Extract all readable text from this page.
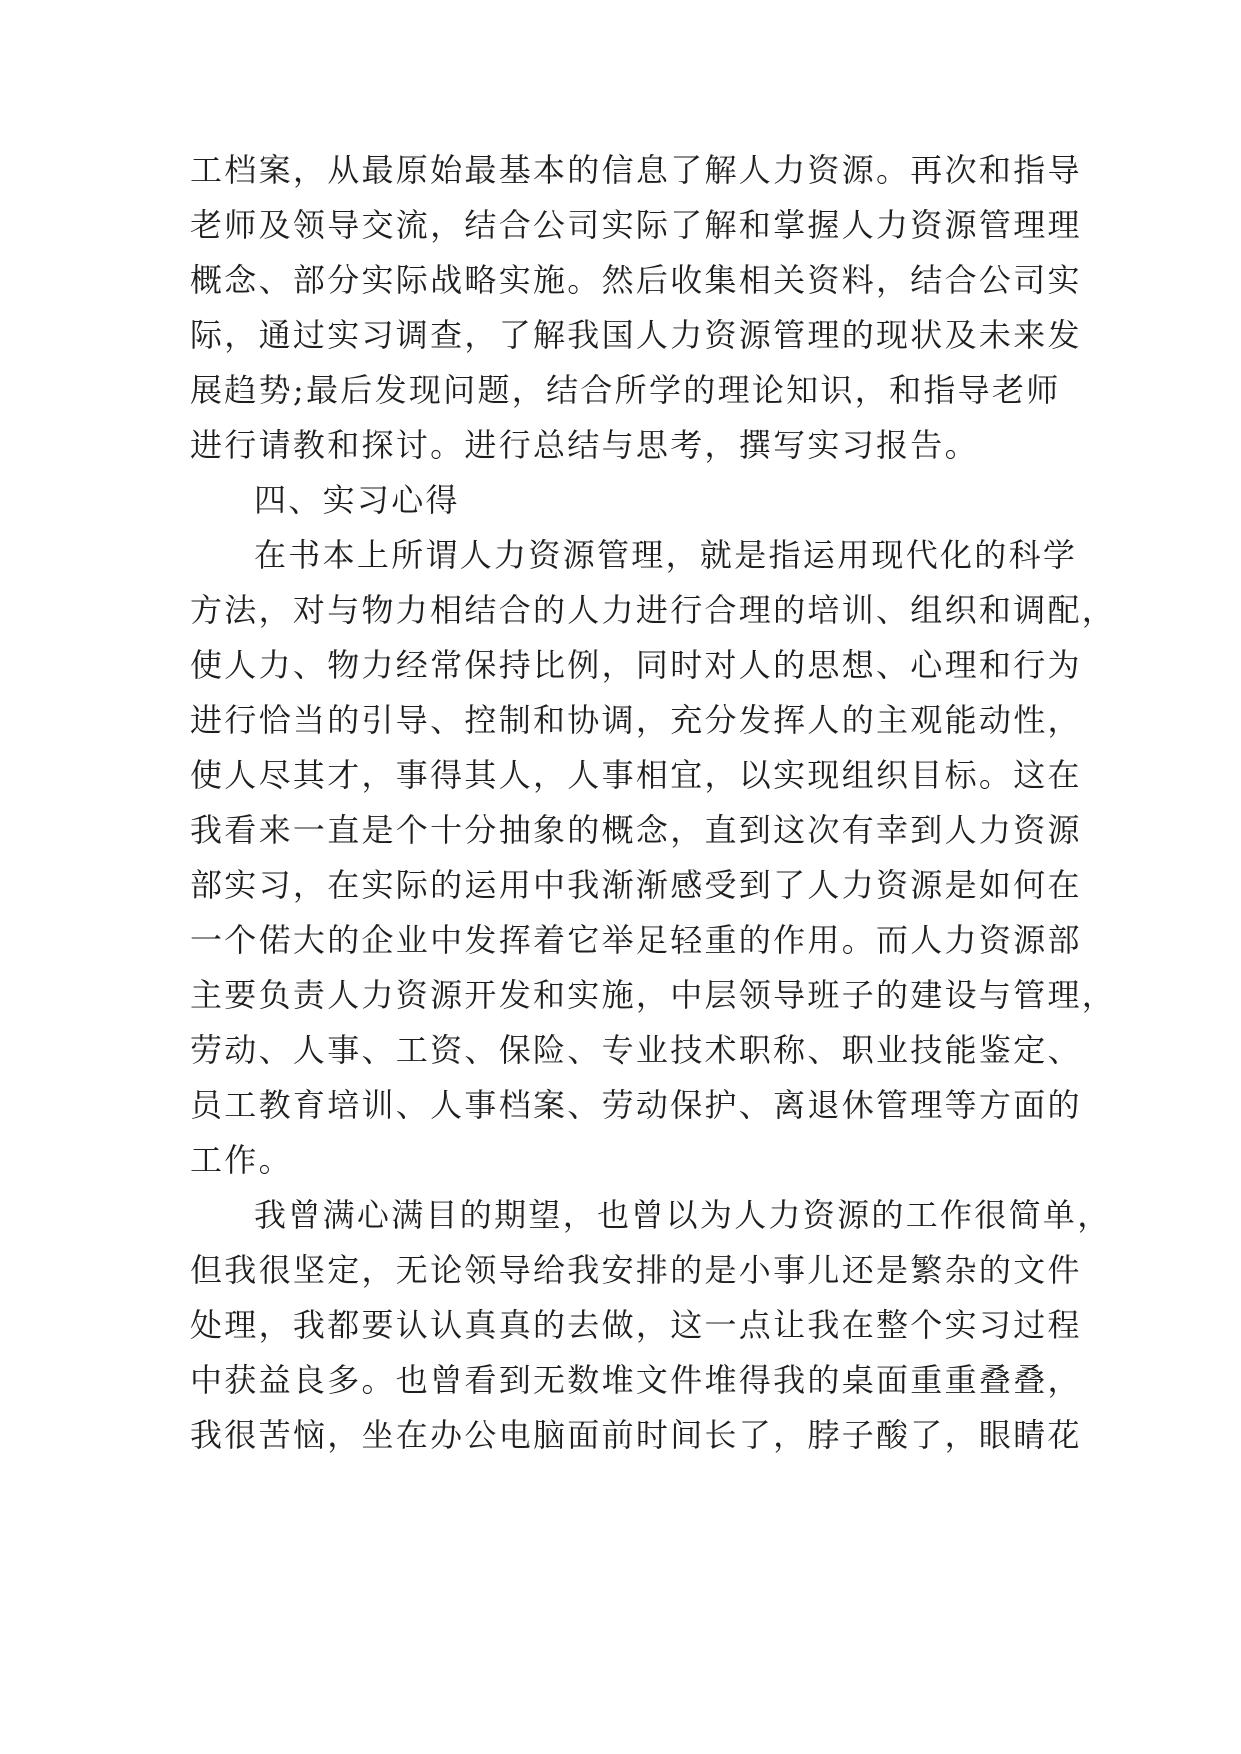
工档案，从最原始最基本的信息了解人力资源。再次和指导

老师及领导交流，结合公司实际了解和掌握人力资源管理理

概念、部分实际战略实施。然后收集相关资料，结合公司实

际，通过实习调查，了解我国人力资源管理的现状及未来发

展趋势;最后发现问题，结合所学的理论知识，和指导老师

进行请教和探讨。进行总结与思考，撰写实习报告。

四、实习心得

在书本上所谓人力资源管理，就是指运用现代化的科学

方法，对与物力相结合的人力进行合理的培训、组织和调配，

使人力、物力经常保持比例，同时对人的思想、心理和行为

进行恰当的引导、控制和协调，充分发挥人的主观能动性，

使人尽其才，事得其人，人事相宜，以实现组织目标。这在

我看来一直是个十分抽象的概念，直到这次有幸到人力资源

部实习，在实际的运用中我渐渐感受到了人力资源是如何在

一个偌大的企业中发挥着它举足轻重的作用。而人力资源部

主要负责人力资源开发和实施，中层领导班子的建设与管理，

劳动、人事、工资、保险、专业技术职称、职业技能鉴定、

员工教育培训、人事档案、劳动保护、离退休管理等方面的

工作。

我曾满心满目的期望，也曾以为人力资源的工作很简单，

但我很坚定，无论领导给我安排的是小事儿还是繁杂的文件

处理，我都要认认真真的去做，这一点让我在整个实习过程

中获益良多。也曾看到无数堆文件堆得我的桌面重重叠叠，

我很苦恼，坐在办公电脑面前时间长了，脖子酸了，眼睛花
